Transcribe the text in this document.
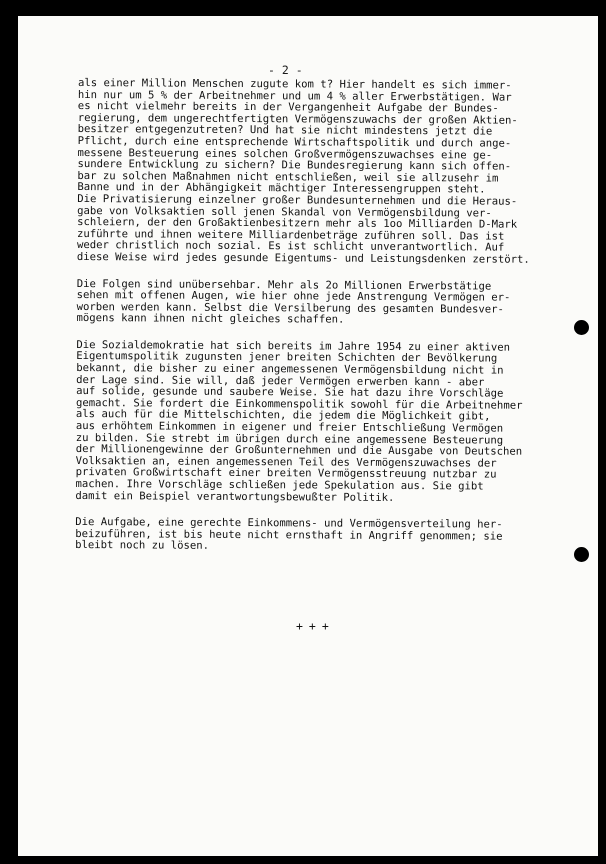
- 2 -
als einer Million Menschen zugute kom t? Hier handelt es sich immer-
hin nur um 5 % der Arbeitnehmer und um 4 % aller Erwerbstätigen. War
es nicht vielmehr bereits in der Vergangenheit Aufgabe der Bundes-
regierung, dem ungerechtfertigten Vermögenszuwachs der großen Aktien-
besitzer entgegenzutreten? Und hat sie nicht mindestens jetzt die
Pflicht, durch eine entsprechende Wirtschaftspolitik und durch ange-
messene Besteuerung eines solchen Großvermögenszuwachses eine ge-
sundere Entwicklung zu sichern? Die Bundesregierung kann sich offen-
bar zu solchen Maßnahmen nicht entschließen, weil sie allzusehr im
Banne und in der Abhängigkeit mächtiger Interessengruppen steht.
Die Privatisierung einzelner großer Bundesunternehmen und die Heraus-
gabe von Volksaktien soll jenen Skandal von Vermögensbildung ver-
schleiern, der den Großaktienbesitzern mehr als 1oo Milliarden D-Mark
zuführte und ihnen weitere Milliardenbeträge zuführen soll. Das ist
weder christlich noch sozial. Es ist schlicht unverantwortlich. Auf
diese Weise wird jedes gesunde Eigentums- und Leistungsdenken zerstört.
Die Folgen sind unübersehbar. Mehr als 2o Millionen Erwerbstätige
sehen mit offenen Augen, wie hier ohne jede Anstrengung Vermögen er-
worben werden kann. Selbst die Versilberung des gesamten Bundesver-
mögens kann ihnen nicht gleiches schaffen.
Die Sozialdemokratie hat sich bereits im Jahre 1954 zu einer aktiven
Eigentumspolitik zugunsten jener breiten Schichten der Bevölkerung
bekannt, die bisher zu einer angemessenen Vermögensbildung nicht in
der Lage sind. Sie will, daß jeder Vermögen erwerben kann - aber
auf solide, gesunde und saubere Weise. Sie hat dazu ihre Vorschläge
gemacht. Sie fordert die Einkommenspolitik sowohl für die Arbeitnehmer
als auch für die Mittelschichten, die jedem die Möglichkeit gibt,
aus erhöhtem Einkommen in eigener und freier Entschließung Vermögen
zu bilden. Sie strebt im übrigen durch eine angemessene Besteuerung
der Millionengewinne der Großunternehmen und die Ausgabe von Deutschen
Volksaktien an, einen angemessenen Teil des Vermögenszuwachses der
privaten Großwirtschaft einer breiten Vermögensstreuung nutzbar zu
machen. Ihre Vorschläge schließen jede Spekulation aus. Sie gibt
damit ein Beispiel verantwortungsbewußter Politik.
Die Aufgabe, eine gerechte Einkommens- und Vermögensverteilung her-
beizuführen, ist bis heute nicht ernsthaft in Angriff genommen; sie
bleibt noch zu lösen.
+++
